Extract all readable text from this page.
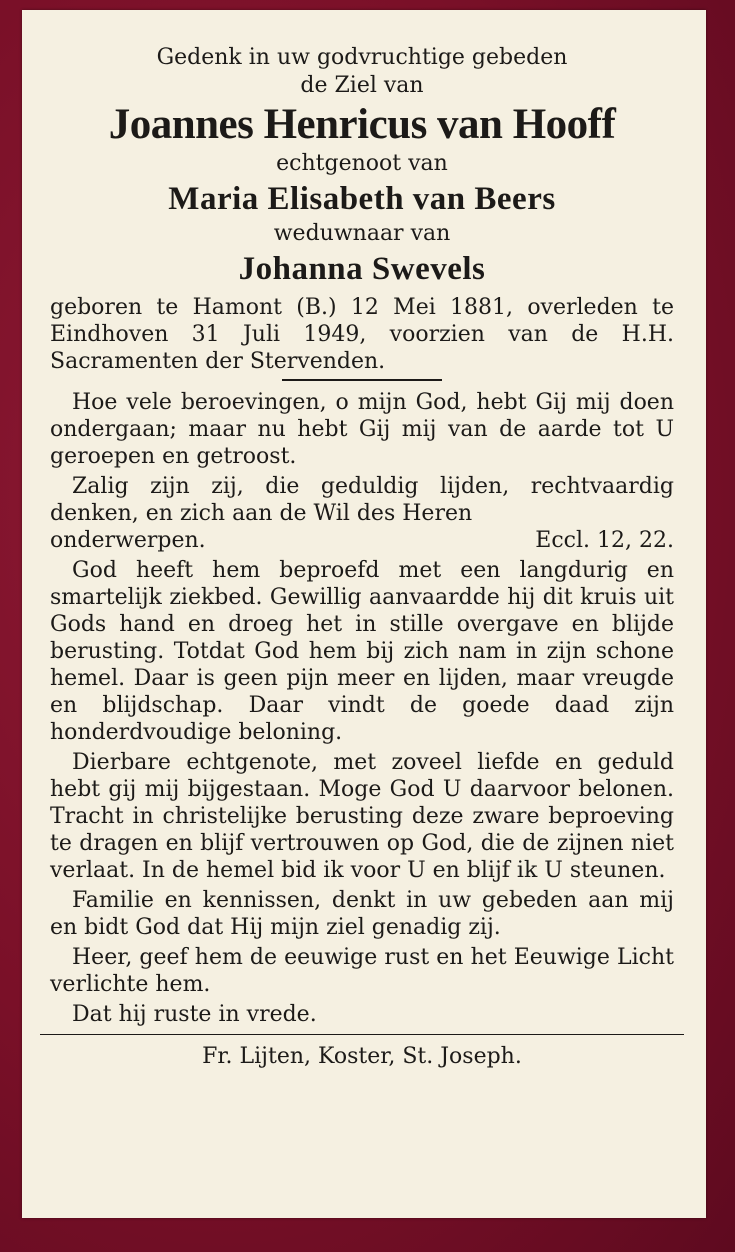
Gedenk in uw godvruchtige gebeden

de Ziel van

Joannes Henricus van Hooff

echtgenoot van

Maria Elisabeth van Beers

weduwnaar van

Johanna Swevels

geboren te Hamont (B.) 12 Mei 1881, overleden te Eindhoven 31 Juli 1949, voorzien van de H.H. Sacramenten der Stervenden.

Hoe vele beroevingen, o mijn God, hebt Gij mij doen ondergaan; maar nu hebt Gij mij van de aarde tot U geroepen en getroost.

Zalig zijn zij, die geduldig lijden, rechtvaardig denken, en zich aan de Wil des Heren

onderwerpen.	Eccl. 12, 22.

God heeft hem beproefd met een langdurig en smartelijk ziekbed. Gewillig aanvaardde hij dit kruis uit Gods hand en droeg het in stille overgave en blijde berusting. Totdat God hem bij zich nam in zijn schone hemel. Daar is geen pijn meer en lijden, maar vreugde en blijdschap. Daar vindt de goede daad zijn honderdvoudige beloning.

Dierbare echtgenote, met zoveel liefde en geduld hebt gij mij bijgestaan. Moge God U daarvoor belonen. Tracht in christelijke berusting deze zware beproeving te dragen en blijf vertrouwen op God, die de zijnen niet verlaat. In de hemel bid ik voor U en blijf ik U steunen.

Familie en kennissen, denkt in uw gebeden aan mij en bidt God dat Hij mijn ziel genadig zij.

Heer, geef hem de eeuwige rust en het Eeuwige Licht verlichte hem.

Dat hij ruste in vrede.

Fr. Lijten, Koster, St. Joseph.
